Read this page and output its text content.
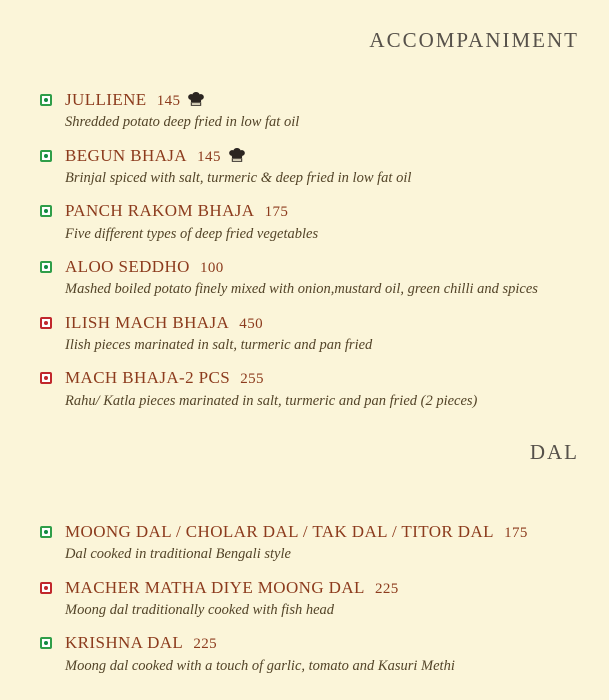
ACCOMPANIMENT
JULLIENE 145
Shredded potato deep fried in low fat oil
BEGUN BHAJA 145
Brinjal spiced with salt, turmeric & deep fried in low fat oil
PANCH RAKOM BHAJA 175
Five different types of deep fried vegetables
ALOO SEDDHO 100
Mashed boiled potato finely mixed with onion,mustard oil, green chilli and spices
ILISH MACH BHAJA 450
Ilish pieces marinated in salt, turmeric and pan fried
MACH BHAJA-2 PCS 255
Rahu/ Katla pieces marinated in salt, turmeric and pan fried (2 pieces)
DAL
MOONG DAL / CHOLAR DAL / TAK DAL / TITOR DAL 175
Dal cooked in traditional Bengali style
MACHER MATHA DIYE MOONG DAL 225
Moong dal traditionally cooked with fish head
KRISHNA DAL 225
Moong dal cooked with a touch of garlic, tomato and Kasuri Methi
